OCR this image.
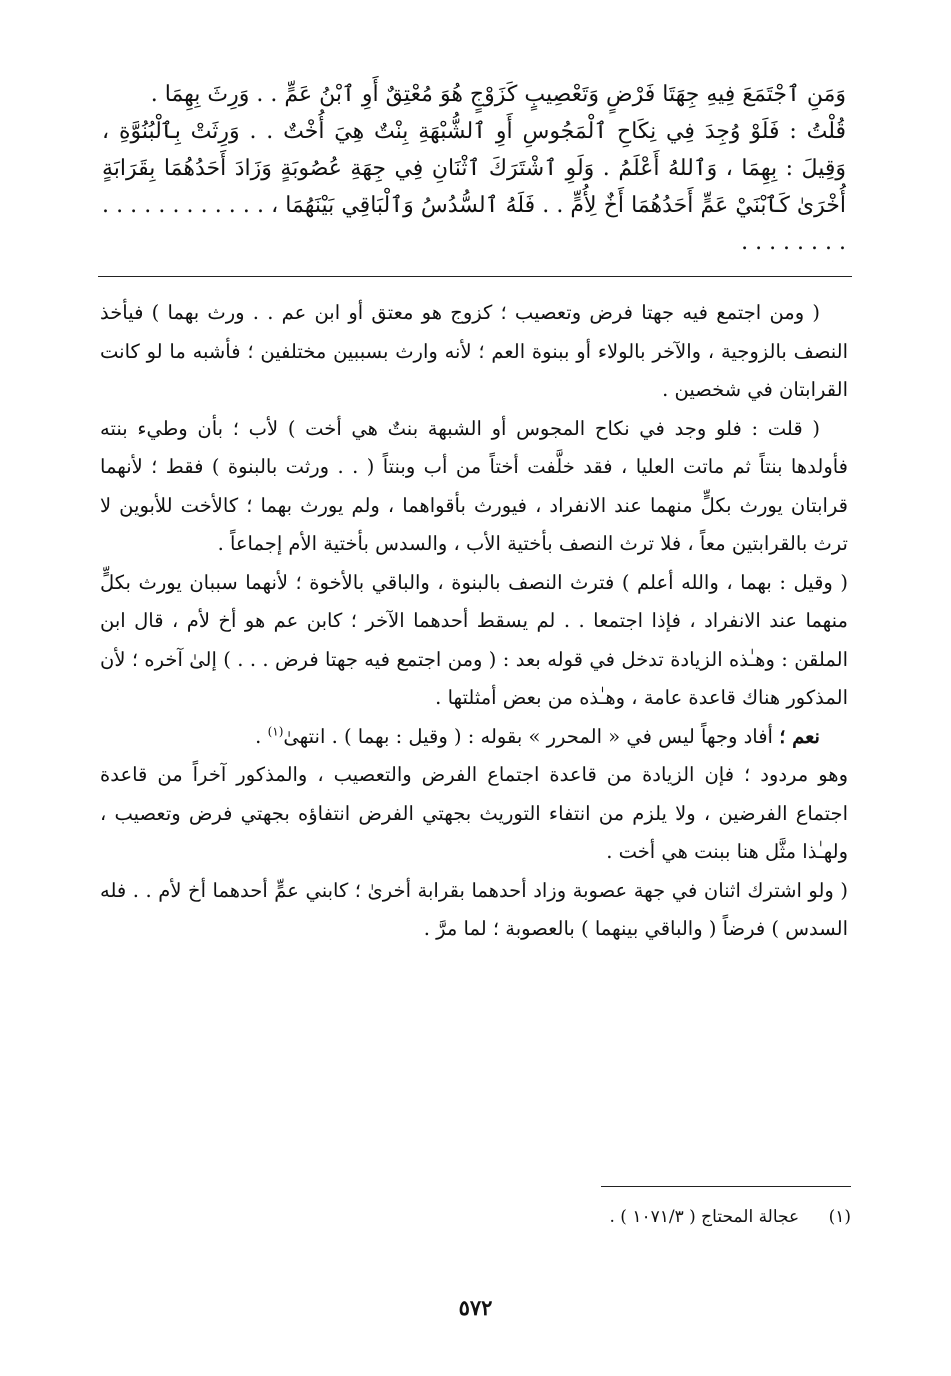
وَمَنِ ٱجْتَمَعَ فِيهِ جِهَتَا فَرْضٍ وَتَعْصِيبٍ كَزَوْجٍ هُوَ مُعْتِقٌ أَوِ ٱبْنُ عَمٍّ . . وَرِثَ بِهِمَا .

قُلْتُ : فَلَوْ وُجِدَ فِي نِكَاحِ ٱلْمَجُوسِ أَوِ ٱلشُّبْهَةِ بِنْتٌ هِيَ أُخْتٌ . . وَرِثَتْ بِٱلْبُنُوَّةِ ، وَقِيلَ : بِهِمَا ، وَٱللهُ أَعْلَمُ . وَلَوِ ٱشْتَرَكَ ٱثْنَانِ فِي جِهَةِ عُصُوبَةٍ وَزَادَ أَحَدُهُمَا بِقَرَابَةٍ أُخْرَىٰ كَٱبْنَيْ عَمٍّ أَحَدُهُمَا أَخٌ لِأُمٍّ . . فَلَهُ ٱلسُّدُسُ وَٱلْبَاقِي بَيْنَهُمَا ، . . . . . . . . . . . . . . . . . . . .

( ومن اجتمع فيه جهتا فرض وتعصيب ؛ كزوج هو معتق أو ابن عم . . ورث بهما ) فيأخذ النصف بالزوجية ، والآخر بالولاء أو ببنوة العم ؛ لأنه وارث بسببين مختلفين ؛ فأشبه ما لو كانت القرابتان في شخصين .

( قلت : فلو وجد في نكاح المجوس أو الشبهة بنتٌ هي أخت ) لأب ؛ بأن وطيء بنته فأولدها بنتاً ثم ماتت العليا ، فقد خلَّفت أختاً من أب وبنتاً ( . . ورثت بالبنوة ) فقط ؛ لأنهما قرابتان يورث بكلٍّ منهما عند الانفراد ، فيورث بأقواهما ، ولم يورث بهما ؛ كالأخت للأبوين لا ترث بالقرابتين معاً ، فلا ترث النصف بأختية الأب ، والسدس بأختية الأم إجماعاً .

( وقيل : بهما ، والله أعلم ) فترث النصف بالبنوة ، والباقي بالأخوة ؛ لأنهما سببان يورث بكلٍّ منهما عند الانفراد ، فإذا اجتمعا . . لم يسقط أحدهما الآخر ؛ كابن عم هو أخ لأم ، قال ابن الملقن : وهـٰذه الزيادة تدخل في قوله بعد : ( ومن اجتمع فيه جهتا فرض . . . ) إلىٰ آخره ؛ لأن المذكور هناك قاعدة عامة ، وهـٰذه من بعض أمثلتها .

نعم ؛ أفاد وجهاً ليس في « المحرر » بقوله : ( وقيل : بهما ) . انتهىٰ$^{(١)}$ .

وهو مردود ؛ فإن الزيادة من قاعدة اجتماع الفرض والتعصيب ، والمذكور آخراً من قاعدة اجتماع الفرضين ، ولا يلزم من انتفاء التوريث بجهتي الفرض انتفاؤه بجهتي فرض وتعصيب ، ولهـٰذا مثَّل هنا ببنت هي أخت .

( ولو اشترك اثنان في جهة عصوبة وزاد أحدهما بقرابة أخرىٰ ؛ كابني عمٍّ أحدهما أخ لأم . . فله السدس ) فرضاً ( والباقي بينهما ) بالعصوبة ؛ لما مرَّ .

(١) عجالة المحتاج ( ١٠٧١/٣ ) .
٥٧٢
